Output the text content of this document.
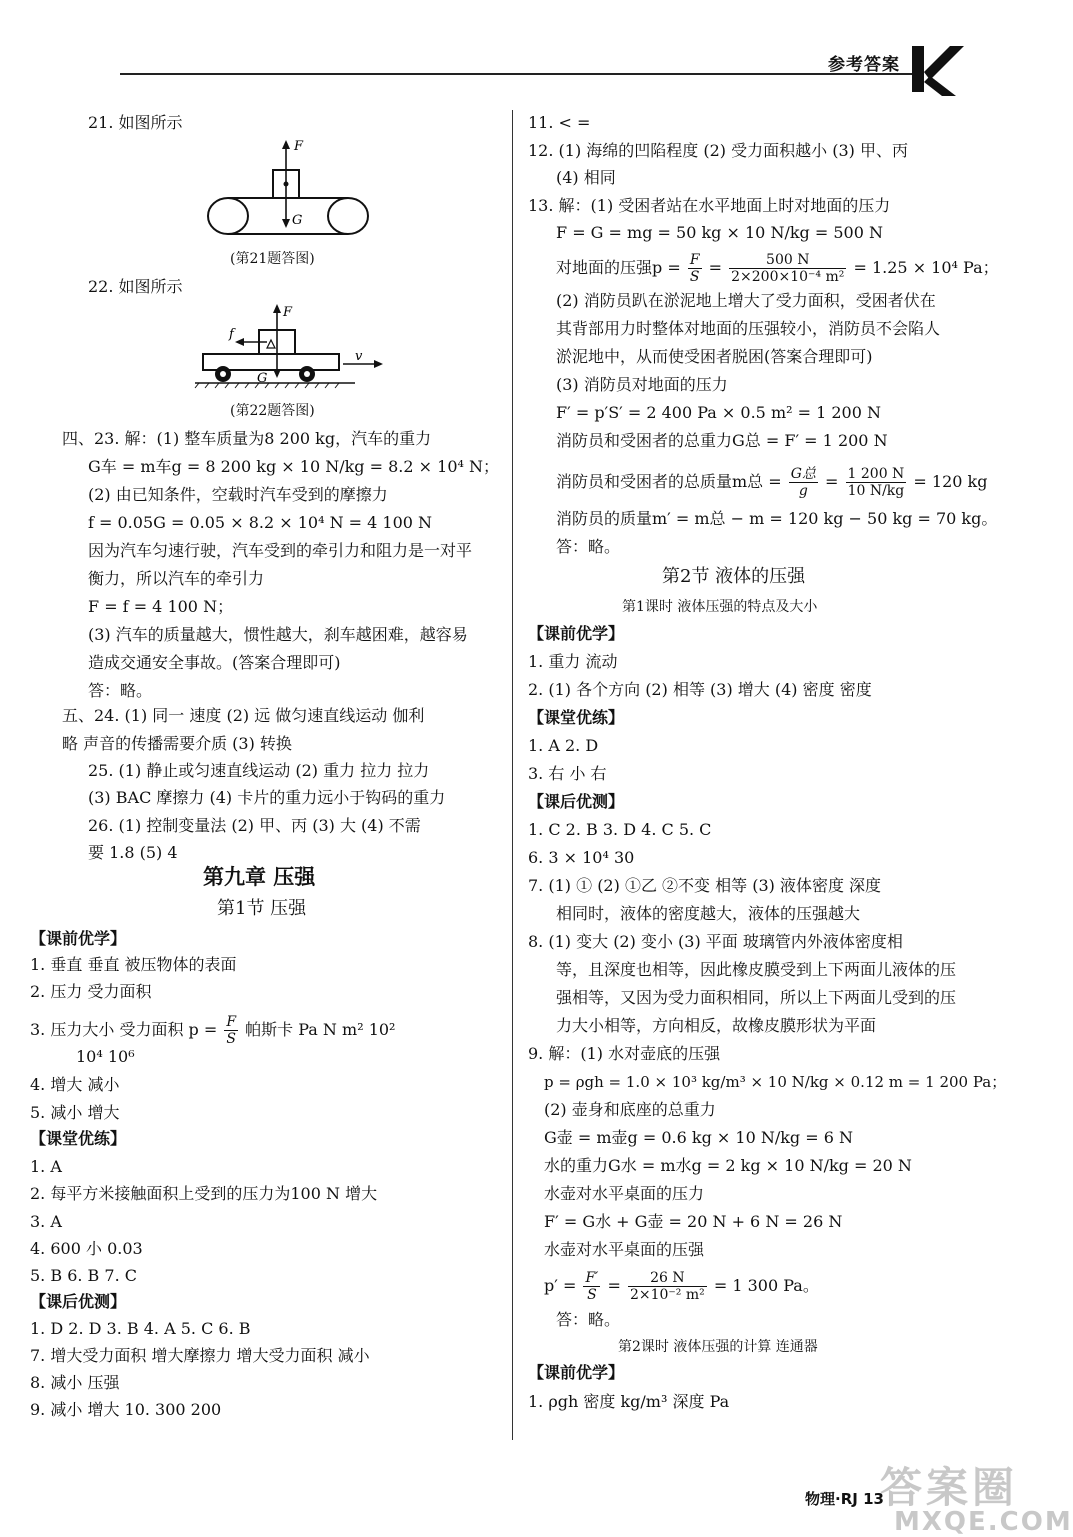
参考答案
21. 如图所示
F
G
(第21题答图)
22. 如图所示
F
G
f
v
(第22题答图)
四、23. 解：(1) 整车质量为8 200 kg，汽车的重力
G车 = m车g = 8 200 kg × 10 N/kg = 8.2 × 10⁴ N；
(2) 由已知条件，空载时汽车受到的摩擦力
f = 0.05G = 0.05 × 8.2 × 10⁴ N = 4 100 N
因为汽车匀速行驶，汽车受到的牵引力和阻力是一对平
衡力，所以汽车的牵引力
F = f = 4 100 N；
(3) 汽车的质量越大，惯性越大，刹车越困难，越容易
造成交通安全事故。(答案合理即可)
答：略。
五、24. (1) 同一 速度 (2) 远 做匀速直线运动 伽利
略 声音的传播需要介质 (3) 转换
25. (1) 静止或匀速直线运动 (2) 重力 拉力 拉力
(3) BAC 摩擦力 (4) 卡片的重力远小于钩码的重力
26. (1) 控制变量法 (2) 甲、丙 (3) 大 (4) 不需
要 1.8 (5) 4
第九章 压强
第1节 压强
【课前优学】
1. 垂直 垂直 被压物体的表面
2. 压力 受力面积
3. 压力大小 受力面积 $p = \frac{F}{S}$ 帕斯卡 Pa N m² 10²
10⁴ 10⁶
4. 增大 减小
5. 减小 增大
【课堂优练】
1. A
2. 每平方米接触面积上受到的压力为100 N 增大
3. A
4. 600 小 0.03
5. B 6. B 7. C
【课后优测】
1. D 2. D 3. B 4. A 5. C 6. B
7. 增大受力面积 增大摩擦力 增大受力面积 减小
8. 减小 压强
9. 减小 增大 10. 300 200
11. < =
12. (1) 海绵的凹陷程度 (2) 受力面积越小 (3) 甲、丙
(4) 相同
13. 解：(1) 受困者站在水平地面上时对地面的压力
F = G = mg = 50 kg × 10 N/kg = 500 N
对地面的压强$p = \frac{F}{S} = \frac{500 N}{\text{2×200×10⁻⁴ m²}} = 1.25 \times 10^4$ Pa；
(2) 消防员趴在淤泥地上增大了受力面积，受困者伏在
其背部用力时整体对地面的压强较小，消防员不会陷人
淤泥地中，从而使受困者脱困(答案合理即可)
(3) 消防员对地面的压力
F′ = p′S′ = 2 400 Pa × 0.5 m² = 1 200 N
消防员和受困者的总重力G总 = F′ = 1 200 N
消防员和受困者的总质量m总 = $\frac{\text{G总}}{g} = \frac{1 200 N}{10 N/kg} = 120$ kg
消防员的质量m′ = m总 − m = 120 kg − 50 kg = 70 kg。
答：略。
第2节 液体的压强
第1课时 液体压强的特点及大小
【课前优学】
1. 重力 流动
2. (1) 各个方向 (2) 相等 (3) 增大 (4) 密度 密度
【课堂优练】
1. A 2. D
3. 右 小 右
【课后优测】
1. C 2. B 3. D 4. C 5. C
6. 3 × 10⁴ 30
7. (1) ① (2) ①乙 ②不变 相等 (3) 液体密度 深度
相同时，液体的密度越大，液体的压强越大
8. (1) 变大 (2) 变小 (3) 平面 玻璃管内外液体密度相
等，且深度也相等，因此橡皮膜受到上下两面儿液体的压
强相等，又因为受力面积相同，所以上下两面儿受到的压
力大小相等，方向相反，故橡皮膜形状为平面
9. 解：(1) 水对壶底的压强
p = ρgh = 1.0 × 10³ kg/m³ × 10 N/kg × 0.12 m = 1 200 Pa；
(2) 壶身和底座的总重力
G壶 = m壶g = 0.6 kg × 10 N/kg = 6 N
水的重力G水 = m水g = 2 kg × 10 N/kg = 20 N
水壶对水平桌面的压力
F′ = G水 + G壶 = 20 N + 6 N = 26 N
水壶对水平桌面的压强
$p' = \frac{F'}{S} = \frac{26 N}{\text{2×10⁻² m²}} = 1$ 300 Pa。
答：略。
第2课时 液体压强的计算 连通器
【课前优学】
1. ρgh 密度 kg/m³ 深度 Pa
物理·RJ 13
答案圈
MXQE.COM
